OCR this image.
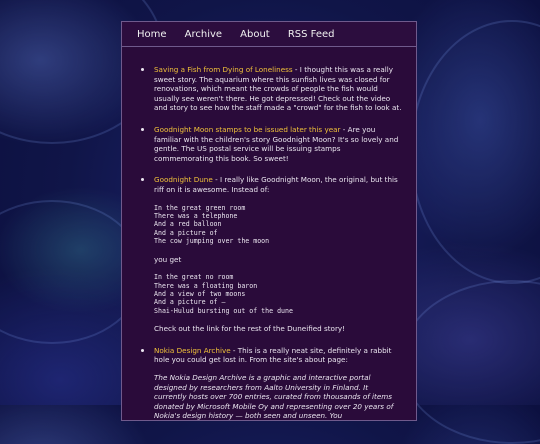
Home Archive About RSS Feed
Saving a Fish from Dying of Loneliness - I thought this was a really sweet story. The aquarium where this sunfish lives was closed for renovations, which meant the crowds of people the fish would usually see weren't there. He got depressed! Check out the video and story to see how the staff made a "crowd" for the fish to look at.
Goodnight Moon stamps to be issued later this year - Are you familiar with the children's story Goodnight Moon? It's so lovely and gentle. The US postal service will be issuing stamps commemorating this book. So sweet!
Goodnight Dune - I really like Goodnight Moon, the original, but this riff on it is awesome. Instead of:
In the great green room
There was a telephone
And a red balloon
And a picture of
The cow jumping over the moon
you get
In the great no room
There was a floating baron
And a view of two moons
And a picture of —
Shai-Hulud bursting out of the dune
Check out the link for the rest of the Duneified story!
Nokia Design Archive - This is a really neat site, definitely a rabbit hole you could get lost in. From the site's about page:
The Nokia Design Archive is a graphic and interactive portal designed by researchers from Aalto University in Finland. It currently hosts over 700 entries, curated from thousands of items donated by Microsoft Mobile Oy and representing over 20 years of Nokia's design history — both seen and unseen. You
